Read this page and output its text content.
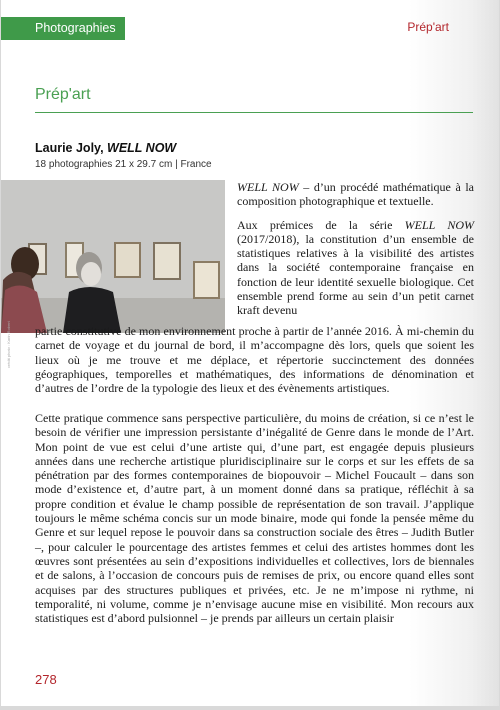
Photographies	Prép'art
Prép'art
Laurie Joly, WELL NOW
18 photographies 21 x 29.7 cm | France
crédit photo : Karin Robert

WELL NOW – d’un procédé mathématique à la composition photographique et textuelle.

Aux prémices de la série WELL NOW (2017/2018), la constitution d’un ensemble de statistiques relatives à la visibilité des artistes dans la société contemporaine française en fonction de leur identité sexuelle biologique. Cet ensemble prend forme au sein d’un petit carnet kraft devenu

partie constitutive de mon environnement proche à partir de l’année 2016. À mi-chemin du carnet de voyage et du journal de bord, il m’accompagne dès lors, quels que soient les lieux où je me trouve et me déplace, et répertorie succinctement des données géographiques, temporelles et mathématiques, des informations de dénomination et d’autres de l’ordre de la typologie des lieux et des évènements artistiques.

Cette pratique commence sans perspective particulière, du moins de création, si ce n’est le besoin de vérifier une impression persistante d’inégalité de Genre dans le monde de l’Art. Mon point de vue est celui d’une artiste qui, d’une part, est engagée depuis plusieurs années dans une recherche artistique pluridisciplinaire sur le corps et sur les effets de sa pénétration par des formes contemporaines de biopouvoir – Michel Foucault – dans son mode d’existence et, d’autre part, à un moment donné dans sa pratique, réfléchit à sa propre condition et évalue le champ possible de représentation de son travail. J’applique toujours le même schéma concis sur un mode binaire, mode qui fonde la pensée même du Genre et sur lequel repose le pouvoir dans sa construction sociale des êtres – Judith Butler –, pour calculer le pourcentage des artistes femmes et celui des artistes hommes dont les œuvres sont présentées au sein d’expositions individuelles et collectives, lors de biennales et de salons, à l’occasion de concours puis de remises de prix, ou encore quand elles sont acquises par des structures publiques et privées, etc. Je ne m’impose ni rythme, ni temporalité, ni volume, comme je n’envisage aucune mise en visibilité. Mon recours aux statistiques est d’abord pulsionnel – je prends par ailleurs un certain plaisir

278
